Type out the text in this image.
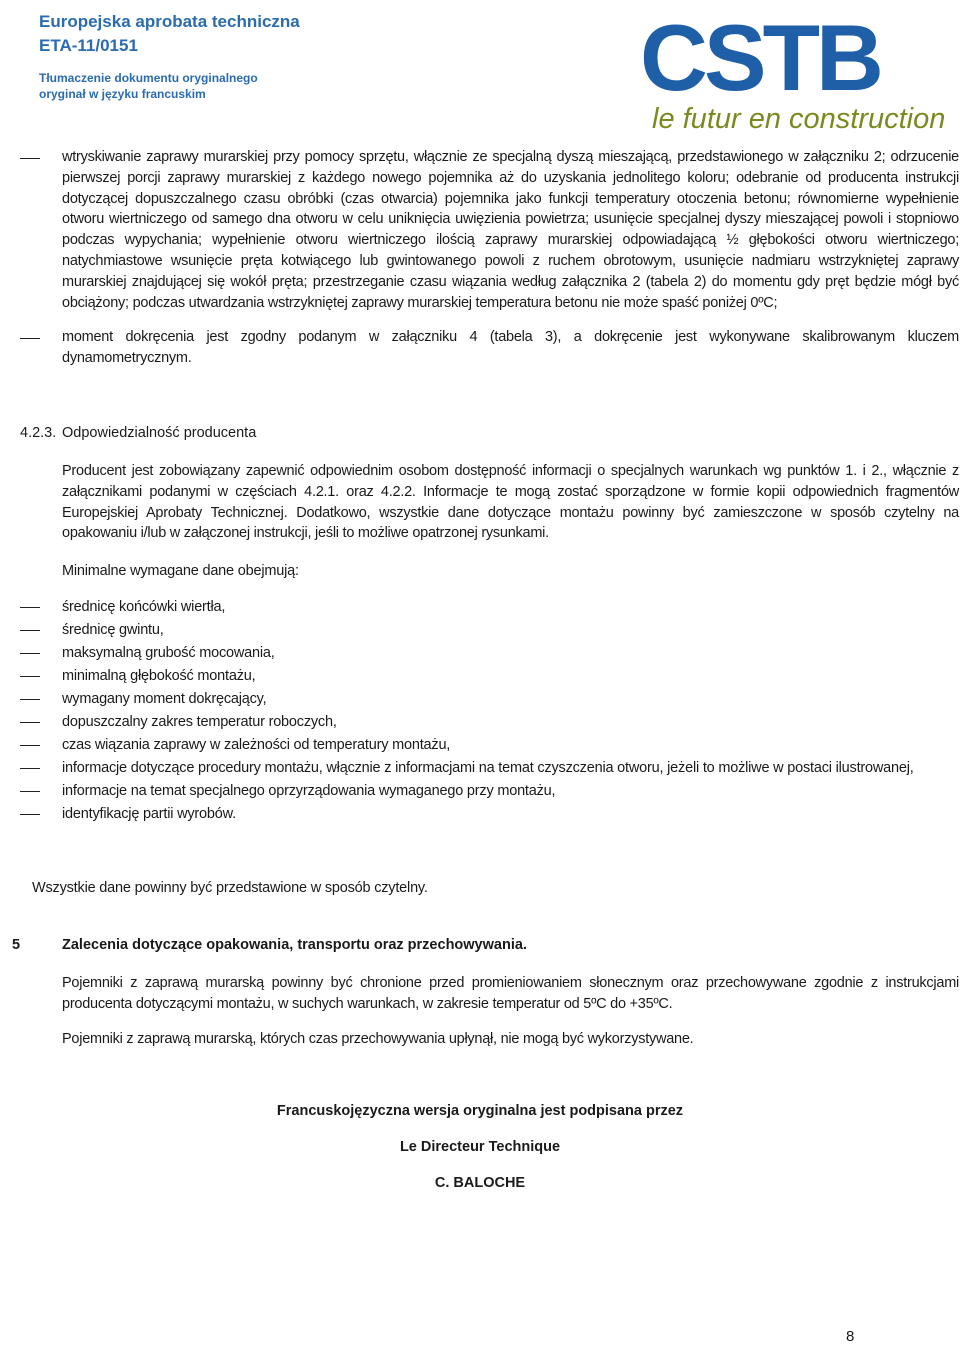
Europejska aprobata techniczna

ETA-11/0151

Tłumaczenie dokumentu oryginalnego

oryginał w języku francuskim	CSTB
le futur en construction

wtryskiwanie zaprawy murarskiej przy pomocy sprzętu, włącznie ze specjalną dyszą mieszającą, przedstawionego w załączniku 2; odrzucenie pierwszej porcji zaprawy murarskiej z każdego nowego pojemnika aż do uzyskania jednolitego koloru; odebranie od producenta instrukcji dotyczącej dopuszczalnego czasu obróbki (czas otwarcia) pojemnika jako funkcji temperatury otoczenia betonu; równomierne wypełnienie otworu wiertniczego od samego dna otworu w celu uniknięcia uwięzienia powietrza; usunięcie specjalnej dyszy mieszającej powoli i stopniowo podczas wypychania; wypełnienie otworu wiertniczego ilością zaprawy murarskiej odpowiadającą ½ głębokości otworu wiertniczego; natychmiastowe wsunięcie pręta kotwiącego lub gwintowanego powoli z ruchem obrotowym, usunięcie nadmiaru wstrzykniętej zaprawy murarskiej znajdującej się wokół pręta; przestrzeganie czasu wiązania według załącznika 2 (tabela 2) do momentu gdy pręt będzie mógł być obciążony; podczas utwardzania wstrzykniętej zaprawy murarskiej temperatura betonu nie może spaść poniżej 0ºC;

moment dokręcenia jest zgodny podanym w załączniku 4 (tabela 3), a dokręcenie jest wykonywane skalibrowanym kluczem dynamometrycznym.

4.2.3. Odpowiedzialność producenta

Producent jest zobowiązany zapewnić odpowiednim osobom dostępność informacji o specjalnych warunkach wg punktów 1. i 2., włącznie z załącznikami podanymi w częściach 4.2.1. oraz 4.2.2. Informacje te mogą zostać sporządzone w formie kopii odpowiednich fragmentów Europejskiej Aprobaty Technicznej. Dodatkowo, wszystkie dane dotyczące montażu powinny być zamieszczone w sposób czytelny na opakowaniu i/lub w załączonej instrukcji, jeśli to możliwe opatrzonej rysunkami.

Minimalne wymagane dane obejmują:

średnicę końcówki wiertła,

średnicę gwintu,

maksymalną grubość mocowania,

minimalną głębokość montażu,

wymagany moment dokręcający,

dopuszczalny zakres temperatur roboczych,

czas wiązania zaprawy w zależności od temperatury montażu,

informacje dotyczące procedury montażu, włącznie z informacjami na temat czyszczenia otworu, jeżeli to możliwe w postaci ilustrowanej,

informacje na temat specjalnego oprzyrządowania wymaganego przy montażu,

identyfikację partii wyrobów.

Wszystkie dane powinny być przedstawione w sposób czytelny.

5	Zalecenia dotyczące opakowania, transportu oraz przechowywania.

Pojemniki z zaprawą murarską powinny być chronione przed promieniowaniem słonecznym oraz przechowywane zgodnie z instrukcjami producenta dotyczącymi montażu, w suchych warunkach, w zakresie temperatur od 5ºC do +35ºC.

Pojemniki z zaprawą murarską, których czas przechowywania upłynął, nie mogą być wykorzystywane.

Francuskojęzyczna wersja oryginalna jest podpisana przez

Le Directeur Technique

C. BALOCHE

8
